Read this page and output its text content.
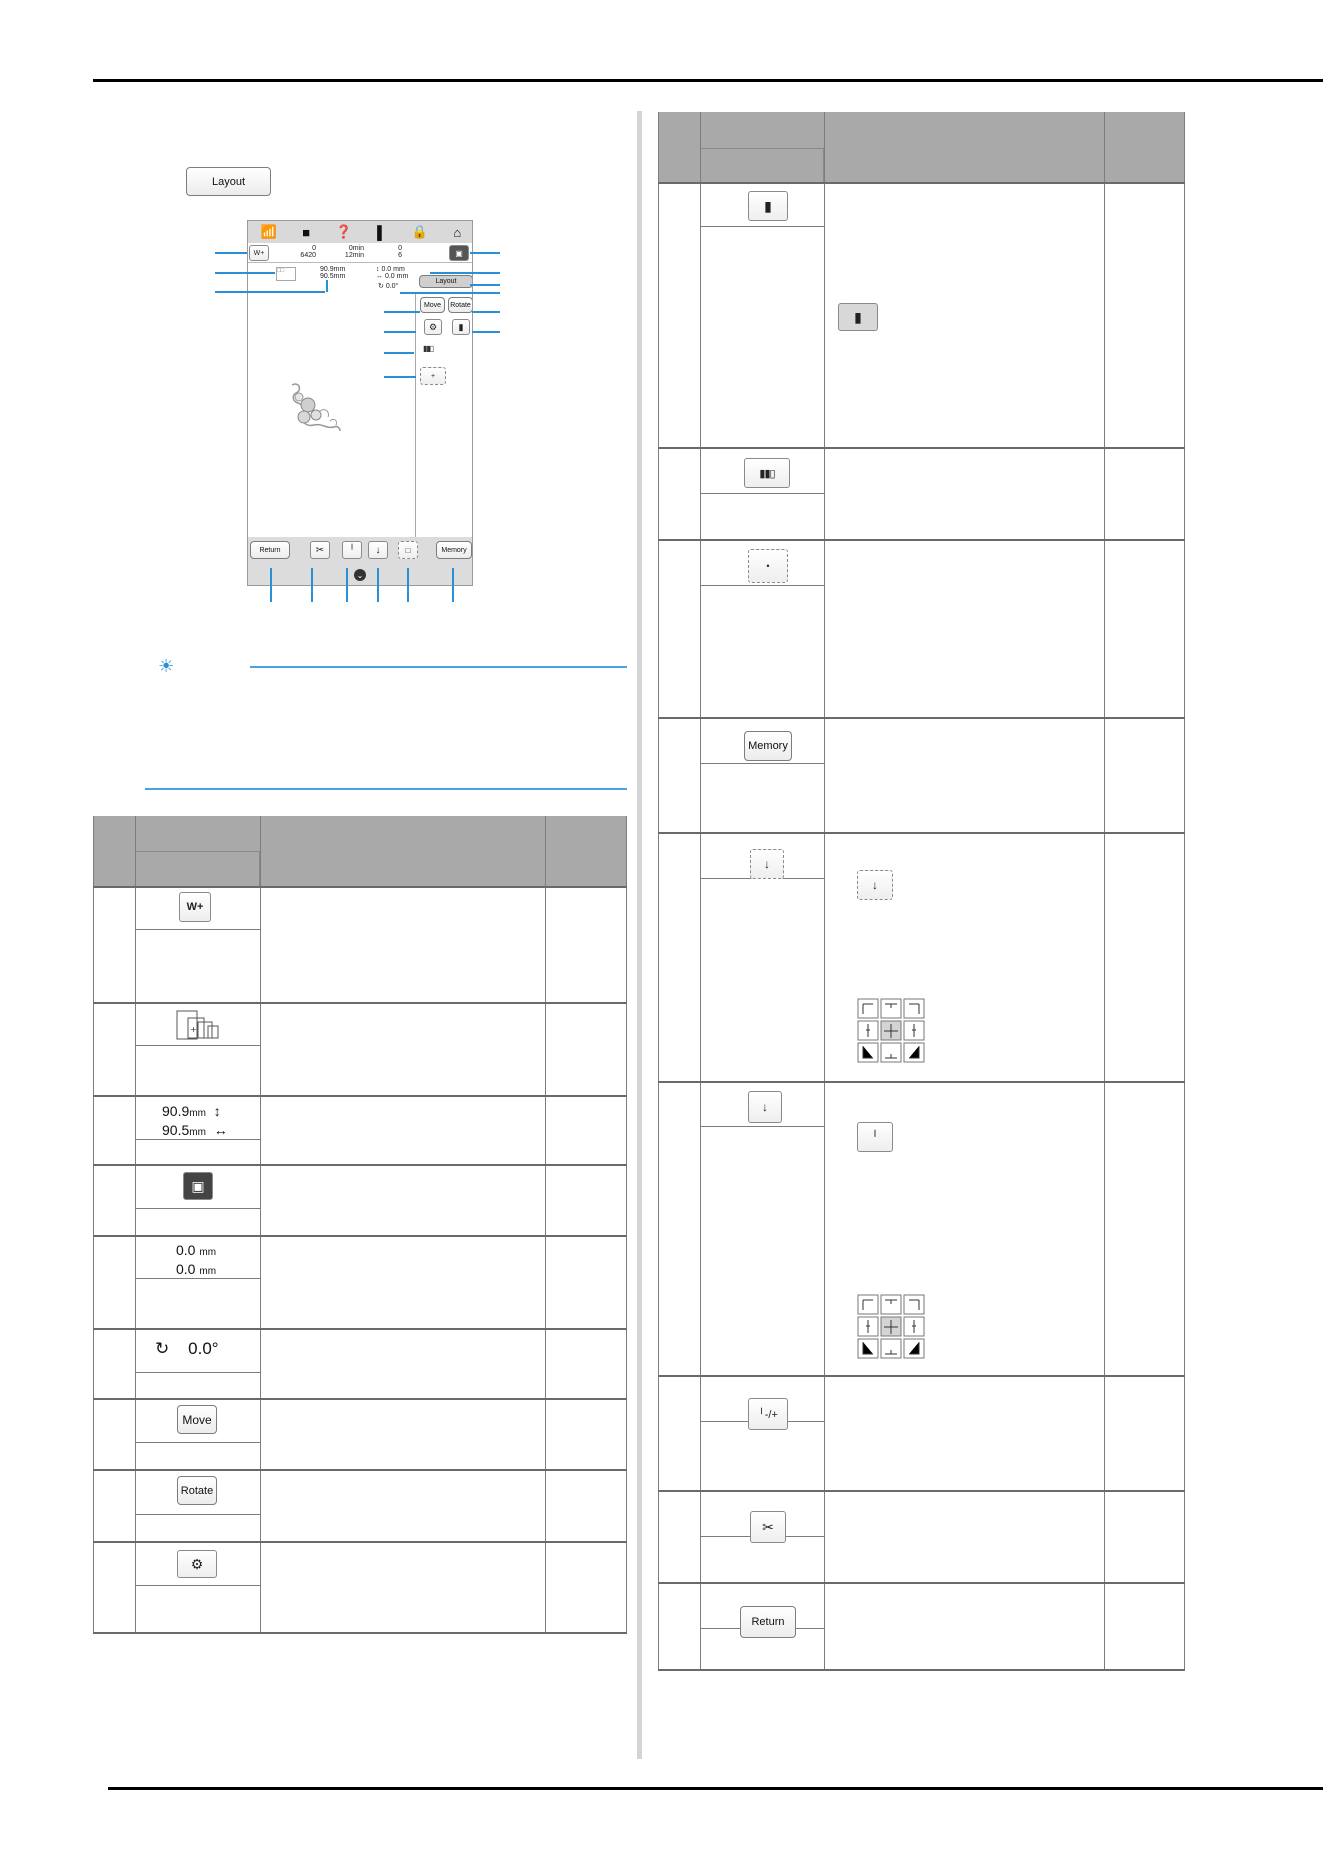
Layout
📶 ■ ❓ ▌ 🔒 ⌂
W+
0
6420
0min
12min
0
6	▣
□□	90.9mm
90.5mm
↕ 0.0 mm
↔ 0.0 mm
↻ 0.0°
Layout
Move	Rotate
⚙	▮
▮▮▯
+
Return	✂	╵	↓	□	Memory
⌄
☀
W+
+
90.9mm  ↕
90.5mm  ↔
▣
0.0 mm
0.0 mm
↻ 0.0°
Move
Rotate
⚙
▮
▮
▮▮▯
•
Memory
↓
↓
↓
╵
╵-/+
✂
Return
